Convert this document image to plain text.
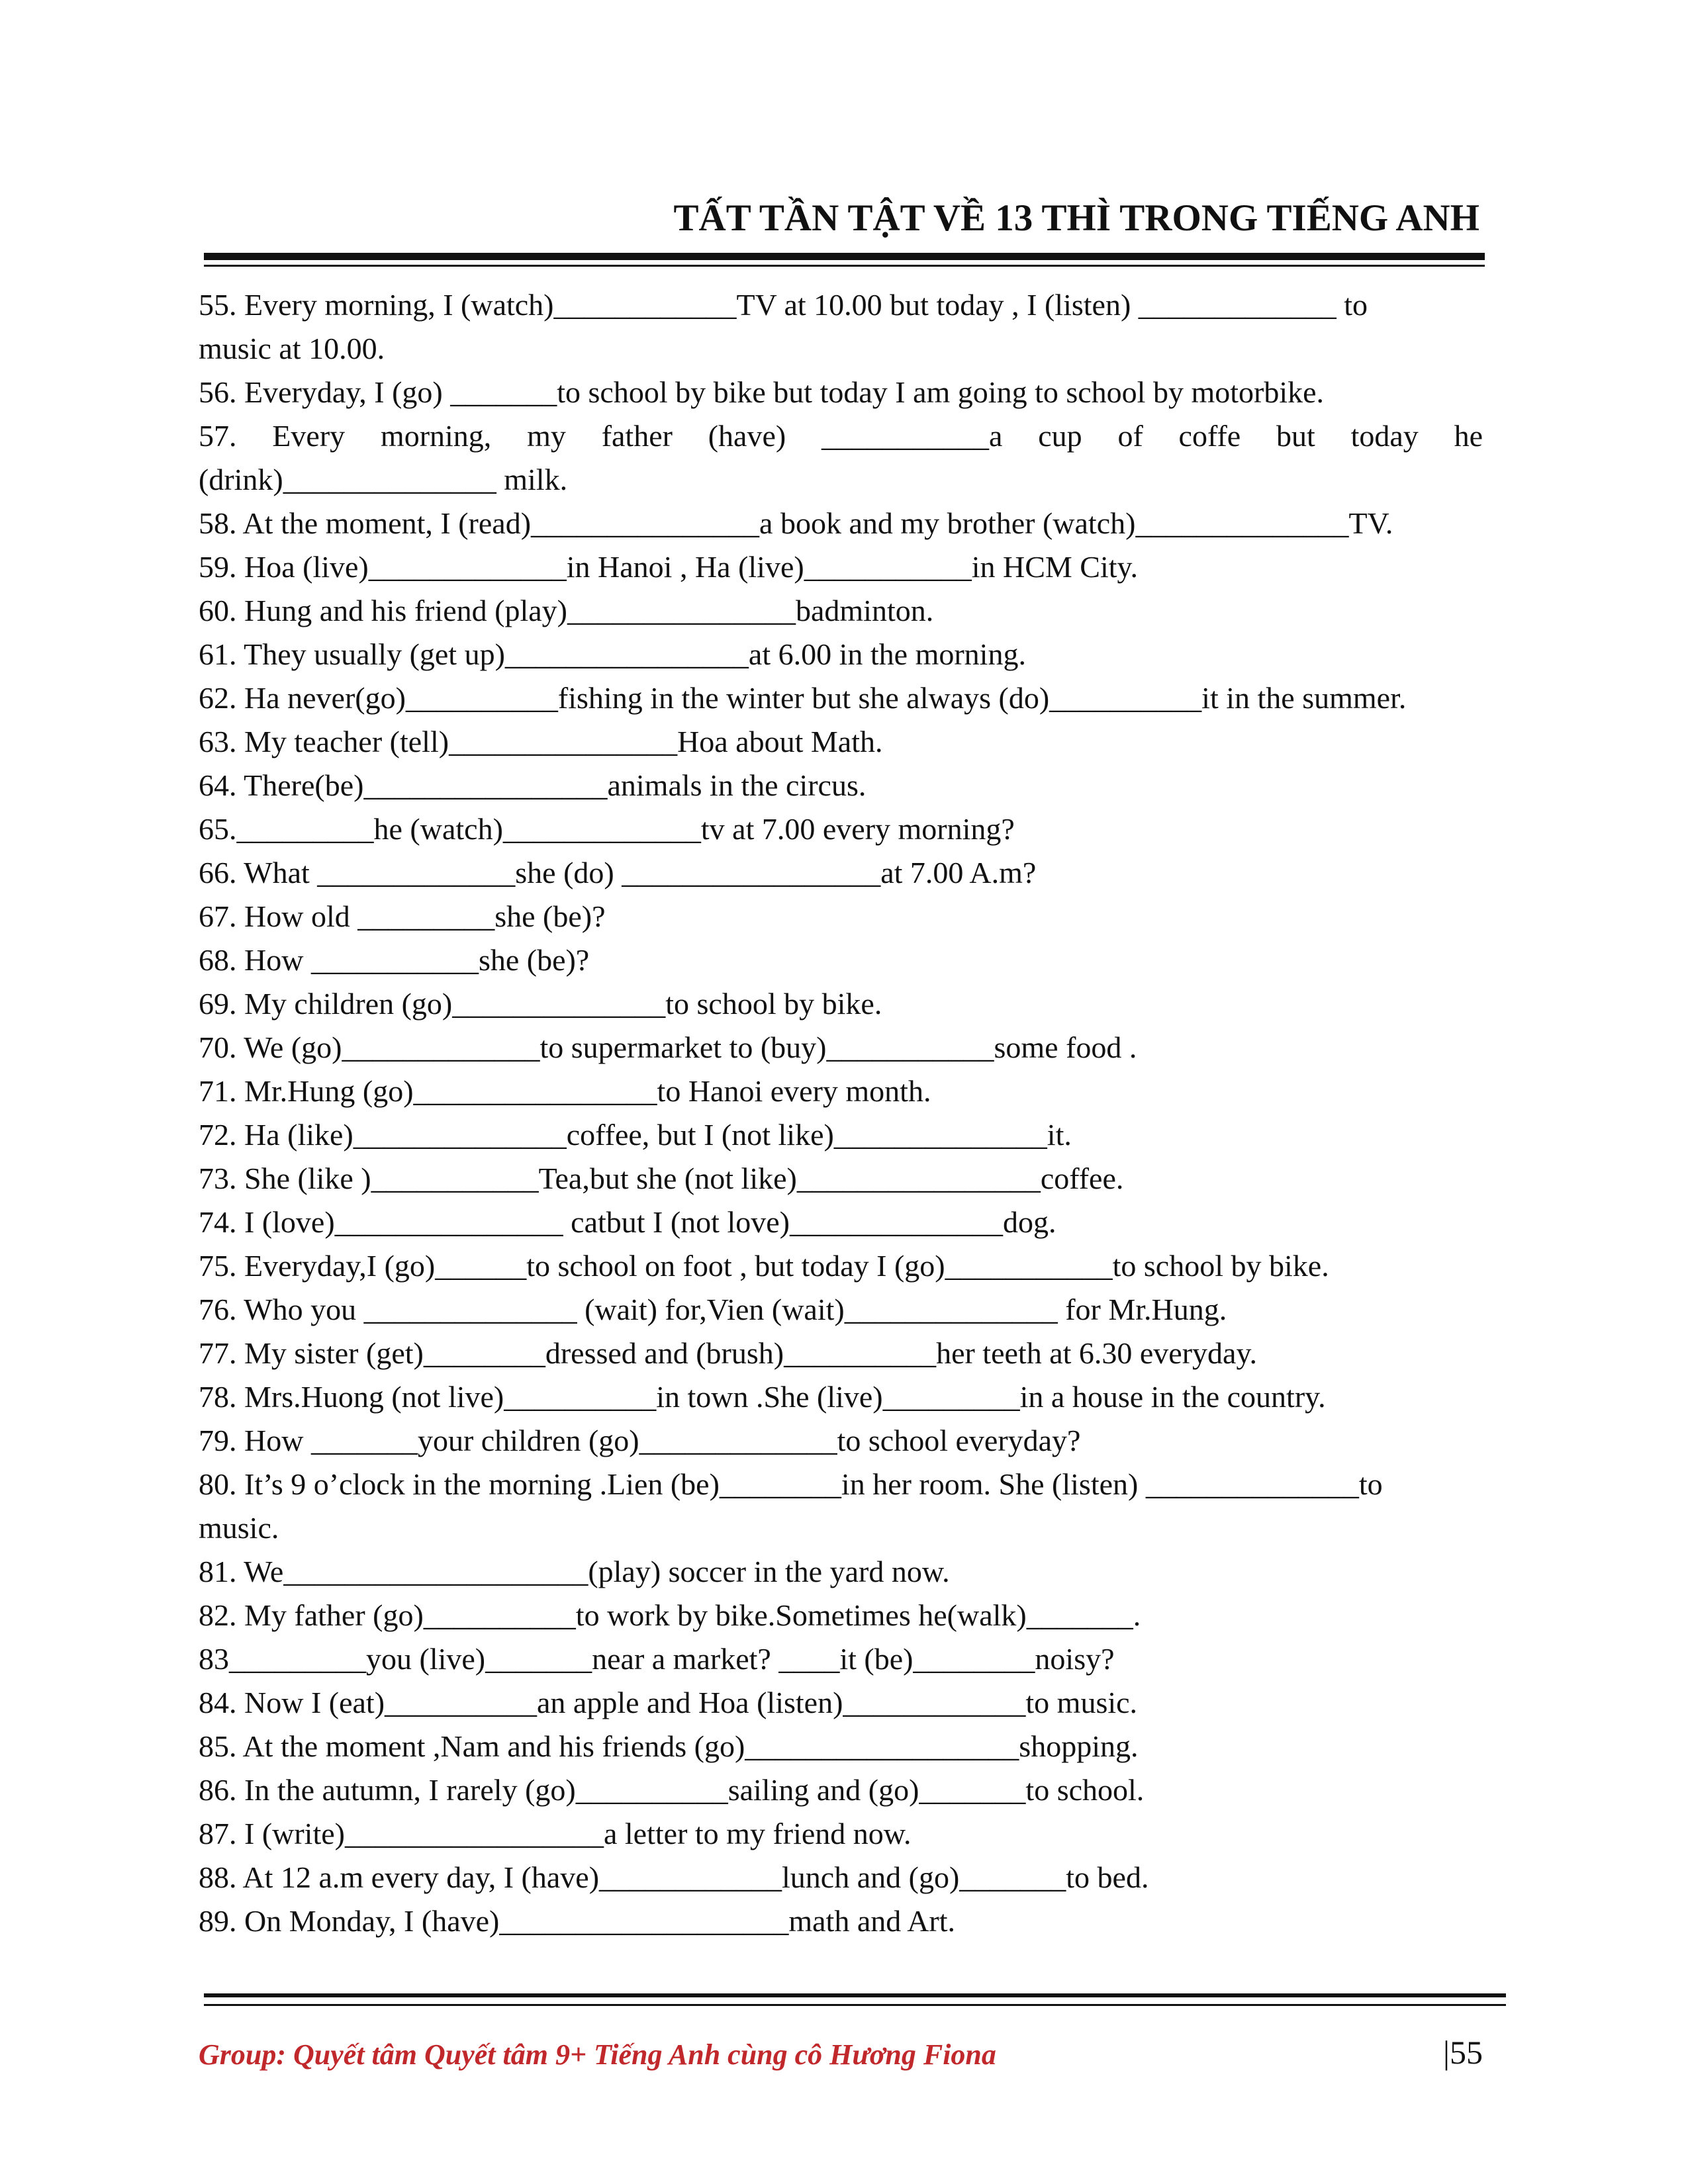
TẤT TẦN TẬT VỀ 13 THÌ TRONG TIẾNG ANH
55. Every morning, I (watch)____________TV at 10.00 but today , I (listen) _____________ to
music at 10.00.
56. Everyday, I (go) _______to school by bike but today I am going to school by motorbike.
57. Every morning, my father (have) ___________a cup of coffe but today he
(drink)______________ milk.
58. At the moment, I (read)_______________a book and my brother (watch)______________TV.
59. Hoa (live)_____________in Hanoi , Ha (live)___________in HCM City.
60. Hung and his friend (play)_______________badminton.
61. They usually (get up)________________at 6.00 in the morning.
62. Ha never(go)__________fishing in the winter but she always (do)__________it in the summer.
63. My teacher (tell)_______________Hoa about Math.
64. There(be)________________animals in the circus.
65._________he (watch)_____________tv at 7.00 every morning?
66. What _____________she (do) _________________at 7.00 A.m?
67. How old _________she (be)?
68. How ___________she (be)?
69. My children (go)______________to school by bike.
70. We (go)_____________to supermarket to (buy)___________some food .
71. Mr.Hung (go)________________to Hanoi every month.
72. Ha (like)______________coffee, but I (not like)______________it.
73. She (like )___________Tea,but she (not like)________________coffee.
74. I (love)_______________ catbut I (not love)______________dog.
75. Everyday,I (go)______to school on foot , but today I (go)___________to school by bike.
76. Who you ______________ (wait) for,Vien (wait)______________ for Mr.Hung.
77. My sister (get)________dressed and (brush)__________her teeth at 6.30 everyday.
78. Mrs.Huong (not live)__________in town .She (live)_________in a house in the country.
79. How _______your children (go)_____________to school everyday?
80. It’s 9 o’clock in the morning .Lien (be)________in her room. She (listen) ______________to
music.
81. We____________________(play) soccer in the yard now.
82. My father (go)__________to work by bike.Sometimes he(walk)_______.
83_________you (live)_______near a market? ____it (be)________noisy?
84. Now I (eat)__________an apple and Hoa (listen)____________to music.
85. At the moment ,Nam and his friends (go)__________________shopping.
86. In the autumn, I rarely (go)__________sailing and (go)_______to school.
87. I (write)_________________a letter to my friend now.
88. At 12 a.m every day, I (have)____________lunch and (go)_______to bed.
89. On Monday, I (have)___________________math and Art.
Group: Quyết tâm Quyết tâm 9+ Tiếng Anh cùng cô Hương Fiona	|55
